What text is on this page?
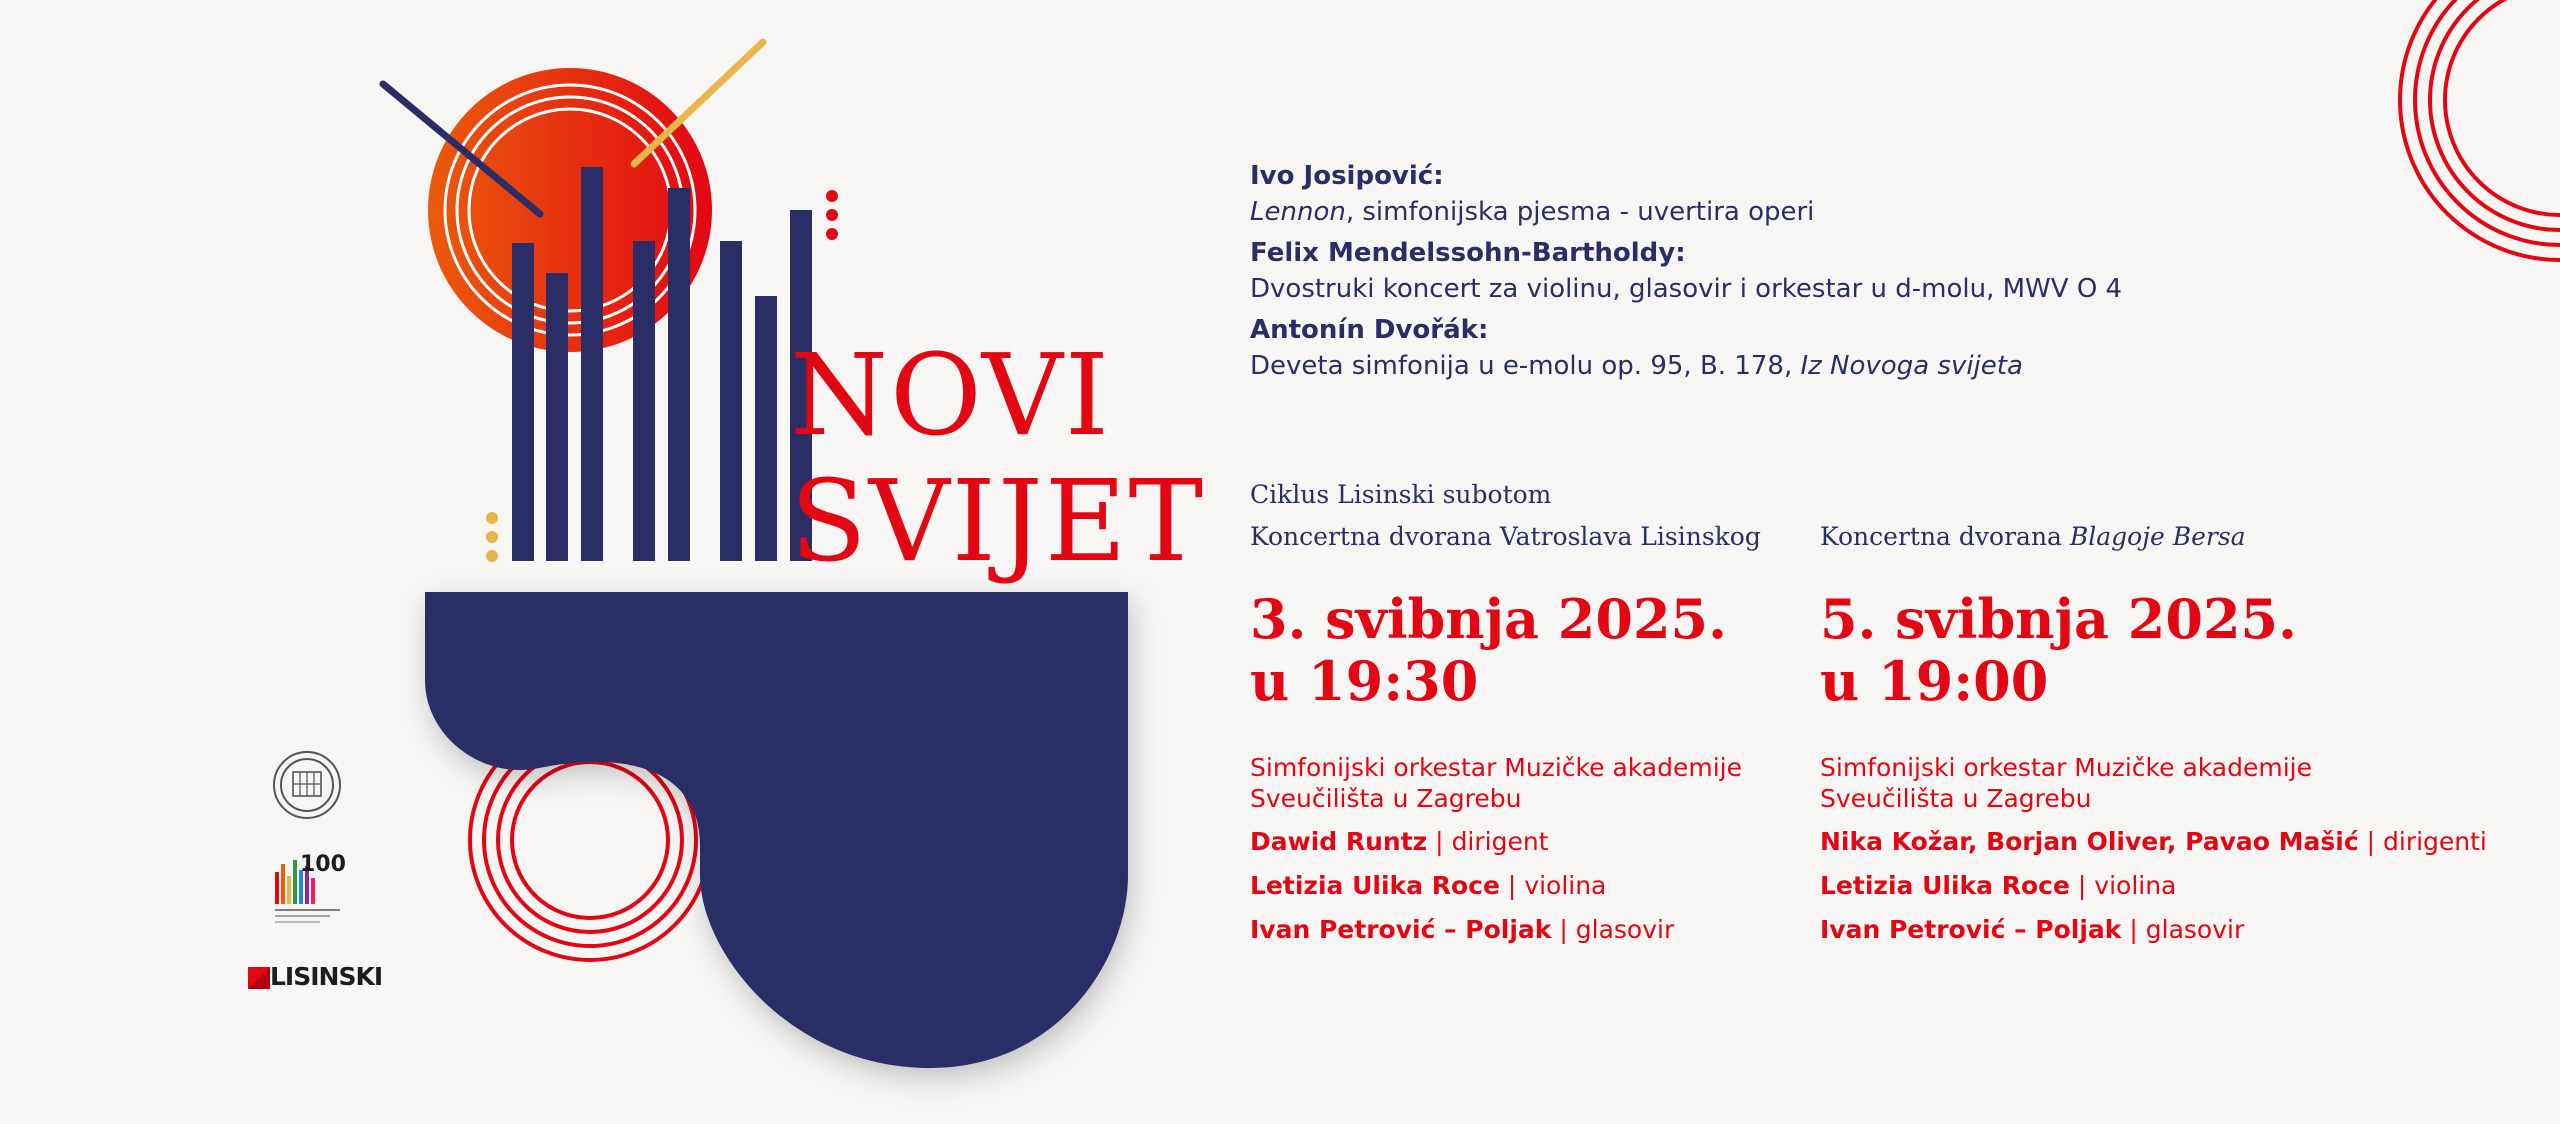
100
LISINSKI
NOVI
SVIJET
Ivo Josipović:
Lennon, simfonijska pjesma - uvertira operi
Felix Mendelssohn-Bartholdy:
Dvostruki koncert za violinu, glasovir i orkestar u d-molu, MWV O 4
Antonín Dvořák:
Deveta simfonija u e-molu op. 95, B. 178, Iz Novoga svijeta
Ciklus Lisinski subotom
Koncertna dvorana Vatroslava Lisinskog
3. svibnja 2025.
u 19:30
Simfonijski orkestar Muzičke akademije Sveučilišta u Zagrebu
Dawid Runtz | dirigent
Letizia Ulika Roce | violina
Ivan Petrović – Poljak | glasovir
Koncertna dvorana Blagoje Bersa
5. svibnja 2025.
u 19:00
Simfonijski orkestar Muzičke akademije Sveučilišta u Zagrebu
Nika Kožar, Borjan Oliver, Pavao Mašić | dirigenti
Letizia Ulika Roce | violina
Ivan Petrović – Poljak | glasovir
